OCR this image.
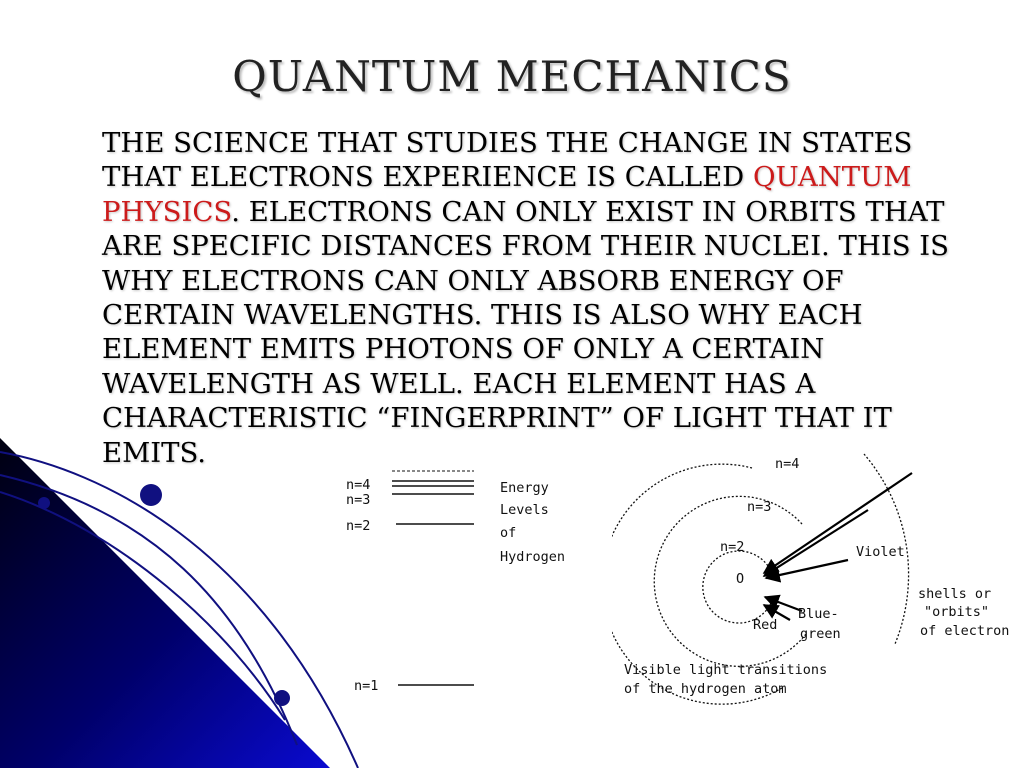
QUANTUM MECHANICS
THE SCIENCE THAT STUDIES THE CHANGE IN STATES THAT ELECTRONS EXPERIENCE IS CALLED QUANTUM PHYSICS. ELECTRONS CAN ONLY EXIST IN ORBITS THAT ARE SPECIFIC DISTANCES FROM THEIR NUCLEI. THIS IS WHY ELECTRONS CAN ONLY ABSORB ENERGY OF CERTAIN WAVELENGTHS. THIS IS ALSO WHY EACH ELEMENT EMITS PHOTONS OF ONLY A CERTAIN WAVELENGTH AS WELL. EACH ELEMENT HAS A CHARACTERISTIC “FINGERPRINT” OF LIGHT THAT IT EMITS.
n=4
n=3
n=2
n=1
Energy
Levels
of
Hydrogen
O
n=4
n=3
n=2	Violet
Blue-
green
Red
shells or
"orbits"
of electron
Visible light transitions
of the hydrogen atom
